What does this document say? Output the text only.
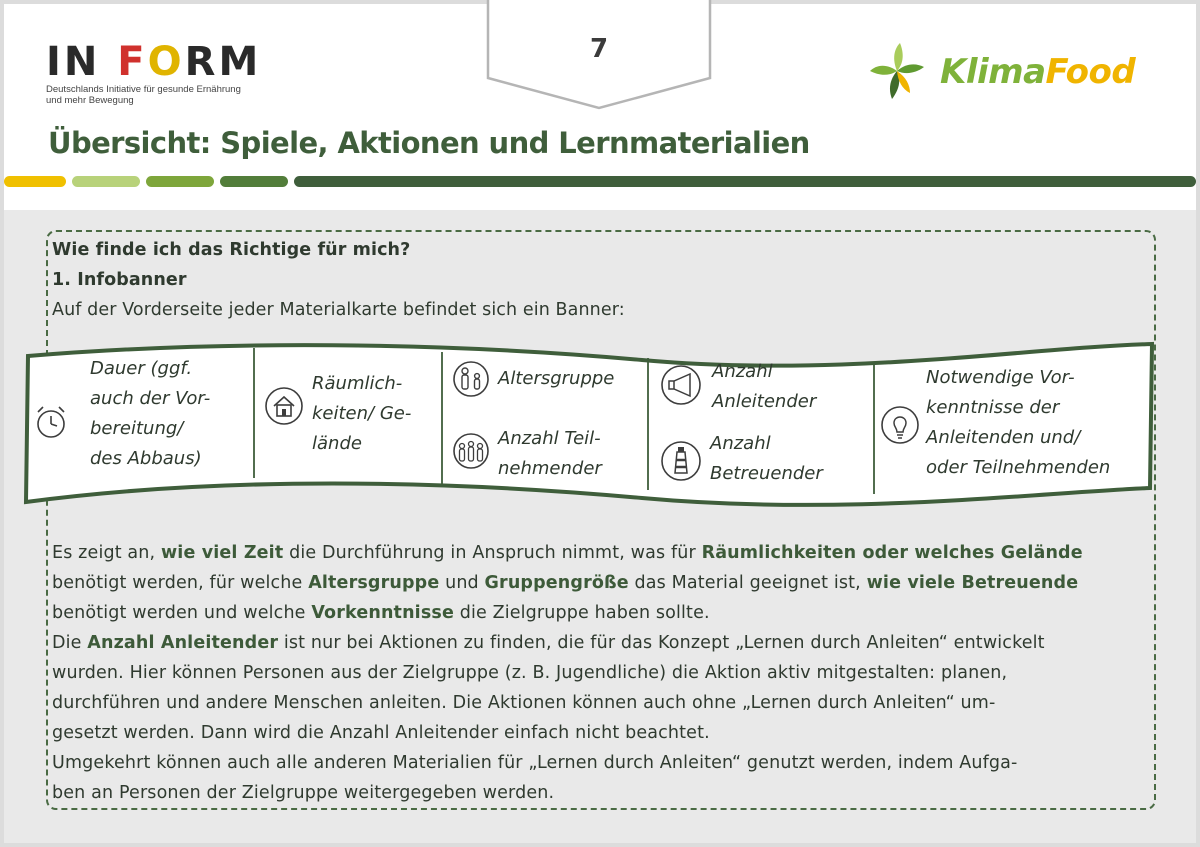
IN FORM
Deutschlands Initiative für gesunde Ernährung
und mehr Bewegung
KlimaFood
Übersicht: Spiele, Aktionen und Lernmaterialien
7
Wie finde ich das Richtige für mich?
1. Infobanner
Auf der Vorderseite jeder Materialkarte befindet sich ein Banner:
Dauer (ggf.
auch der Vor-
bereitung/
des Abbaus)
Räumlich-
keiten/ Ge-
lände
Altersgruppe
Anzahl Teil-
nehmender
Anzahl
Anleitender
Anzahl
Betreuender
Notwendige Vor-
kenntnisse der
Anleitenden und/
oder Teilnehmenden
Es zeigt an, wie viel Zeit die Durchführung in Anspruch nimmt, was für Räumlichkeiten oder welches Gelände
benötigt werden, für welche Altersgruppe und Gruppengröße das Material geeignet ist, wie viele Betreuende
benötigt werden und welche Vorkenntnisse die Zielgruppe haben sollte.
Die Anzahl Anleitender ist nur bei Aktionen zu finden, die für das Konzept „Lernen durch Anleiten“ entwickelt
wurden. Hier können Personen aus der Zielgruppe (z. B. Jugendliche) die Aktion aktiv mitgestalten: planen,
durchführen und andere Menschen anleiten. Die Aktionen können auch ohne „Lernen durch Anleiten“ um-
gesetzt werden. Dann wird die Anzahl Anleitender einfach nicht beachtet.
Umgekehrt können auch alle anderen Materialien für „Lernen durch Anleiten“ genutzt werden, indem Aufga-
ben an Personen der Zielgruppe weitergegeben werden.
